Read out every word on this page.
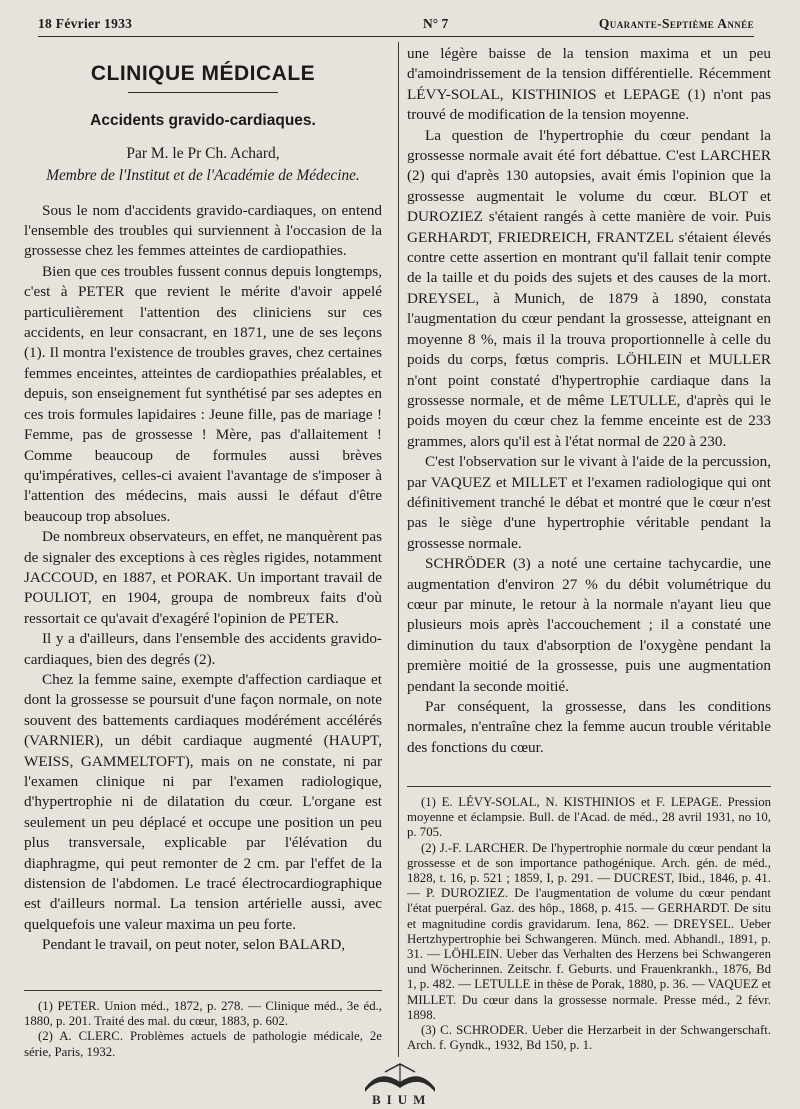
18 Février 1933	N° 7	Quarante-Septième Année
CLINIQUE MÉDICALE
Accidents gravido-cardiaques.
Par M. le Pr Ch. Achard,
Membre de l'Institut et de l'Académie de Médecine.

Sous le nom d'accidents gravido-cardiaques, on entend l'ensemble des troubles qui surviennent à l'occasion de la grossesse chez les femmes atteintes de cardiopathies.

Bien que ces troubles fussent connus depuis longtemps, c'est à PETER que revient le mérite d'avoir appelé particulièrement l'attention des cliniciens sur ces accidents, en leur consacrant, en 1871, une de ses leçons (1). Il montra l'existence de troubles graves, chez certaines femmes enceintes, atteintes de cardiopathies préalables, et depuis, son enseignement fut synthétisé par ses adeptes en ces trois formules lapidaires : Jeune fille, pas de mariage ! Femme, pas de grossesse ! Mère, pas d'allaitement ! Comme beaucoup de formules aussi brèves qu'impératives, celles-ci avaient l'avantage de s'imposer à l'attention des médecins, mais aussi le défaut d'être beaucoup trop absolues.

De nombreux observateurs, en effet, ne manquèrent pas de signaler des exceptions à ces règles rigides, notamment JACCOUD, en 1887, et PORAK. Un important travail de POULIOT, en 1904, groupa de nombreux faits d'où ressortait ce qu'avait d'exagéré l'opinion de PETER.

Il y a d'ailleurs, dans l'ensemble des accidents gravido-cardiaques, bien des degrés (2).

Chez la femme saine, exempte d'affection cardiaque et dont la grossesse se poursuit d'une façon normale, on note souvent des battements cardiaques modérément accélérés (VARNIER), un débit cardiaque augmenté (HAUPT, WEISS, GAMMELTOFT), mais on ne constate, ni par l'examen clinique ni par l'examen radiologique, d'hypertrophie ni de dilatation du cœur. L'organe est seulement un peu déplacé et occupe une position un peu plus transversale, explicable par l'élévation du diaphragme, qui peut remonter de 2 cm. par l'effet de la distension de l'abdomen. Le tracé électrocardiographique est d'ailleurs normal. La tension artérielle aussi, avec quelquefois une valeur maxima un peu forte.

Pendant le travail, on peut noter, selon BALARD,

(1) PETER. Union méd., 1872, p. 278. — Clinique méd., 3e éd., 1880, p. 201. Traité des mal. du cœur, 1883, p. 602.

(2) A. CLERC. Problèmes actuels de pathologie médicale, 2e série, Paris, 1932.

une légère baisse de la tension maxima et un peu d'amoindrissement de la tension différentielle. Récemment LÉVY-SOLAL, KISTHINIOS et LEPAGE (1) n'ont pas trouvé de modification de la tension moyenne.

La question de l'hypertrophie du cœur pendant la grossesse normale avait été fort débattue. C'est LARCHER (2) qui d'après 130 autopsies, avait émis l'opinion que la grossesse augmentait le volume du cœur. BLOT et DUROZIEZ s'étaient rangés à cette manière de voir. Puis GERHARDT, FRIEDREICH, FRANTZEL s'étaient élevés contre cette assertion en montrant qu'il fallait tenir compte de la taille et du poids des sujets et des causes de la mort. DREYSEL, à Munich, de 1879 à 1890, constata l'augmentation du cœur pendant la grossesse, atteignant en moyenne 8 %, mais il la trouva proportionnelle à celle du poids du corps, fœtus compris. LÖHLEIN et MULLER n'ont point constaté d'hypertrophie cardiaque dans la grossesse normale, et de même LETULLE, d'après qui le poids moyen du cœur chez la femme enceinte est de 233 grammes, alors qu'il est à l'état normal de 220 à 230.

C'est l'observation sur le vivant à l'aide de la percussion, par VAQUEZ et MILLET et l'examen radiologique qui ont définitivement tranché le débat et montré que le cœur n'est pas le siège d'une hypertrophie véritable pendant la grossesse normale.

SCHRÖDER (3) a noté une certaine tachycardie, une augmentation d'environ 27 % du débit volumétrique du cœur par minute, le retour à la normale n'ayant lieu que plusieurs mois après l'accouchement ; il a constaté une diminution du taux d'absorption de l'oxygène pendant la première moitié de la grossesse, puis une augmentation pendant la seconde moitié.

Par conséquent, la grossesse, dans les conditions normales, n'entraîne chez la femme aucun trouble véritable des fonctions du cœur.

(1) E. LÉVY-SOLAL, N. KISTHINIOS et F. LEPAGE. Pression moyenne et éclampsie. Bull. de l'Acad. de méd., 28 avril 1931, no 10, p. 705.

(2) J.-F. LARCHER. De l'hypertrophie normale du cœur pendant la grossesse et de son importance pathogénique. Arch. gén. de méd., 1828, t. 16, p. 521 ; 1859, I, p. 291. — DUCREST, Ibid., 1846, p. 41. — P. DUROZIEZ. De l'augmentation de volume du cœur pendant l'état puerpéral. Gaz. des hôp., 1868, p. 415. — GERHARDT. De situ et magnitudine cordis gravidarum. Iena, 862. — DREYSEL. Ueber Hertzhypertrophie bei Schwangeren. Münch. med. Abhandl., 1891, p. 31. — LÖHLEIN. Ueber das Verhalten des Herzens bei Schwangeren und Wöcherinnen. Zeitschr. f. Geburts. und Frauenkrankh., 1876, Bd 1, p. 482. — LETULLE in thèse de Porak, 1880, p. 36. — VAQUEZ et MILLET. Du cœur dans la grossesse normale. Presse méd., 2 févr. 1898.

(3) C. SCHRODER. Ueber die Herzarbeit in der Schwangerschaft. Arch. f. Gyndk., 1932, Bd 150, p. 1.

BIUM
